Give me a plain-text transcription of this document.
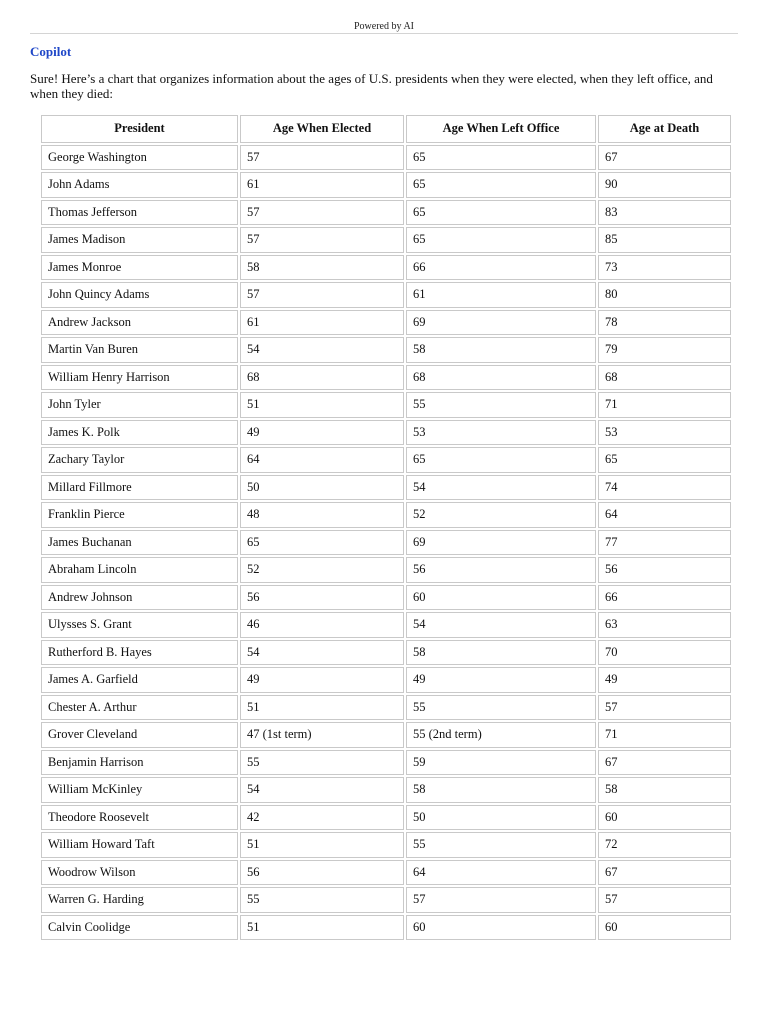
Powered by AI
Copilot
Sure! Here’s a chart that organizes information about the ages of U.S. presidents when they were elected, when they left office, and when they died:
President	Age When Elected	Age When Left Office	Age at Death
George Washington	57	65	67
John Adams	61	65	90
Thomas Jefferson	57	65	83
James Madison	57	65	85
James Monroe	58	66	73
John Quincy Adams	57	61	80
Andrew Jackson	61	69	78
Martin Van Buren	54	58	79
William Henry Harrison	68	68	68
John Tyler	51	55	71
James K. Polk	49	53	53
Zachary Taylor	64	65	65
Millard Fillmore	50	54	74
Franklin Pierce	48	52	64
James Buchanan	65	69	77
Abraham Lincoln	52	56	56
Andrew Johnson	56	60	66
Ulysses S. Grant	46	54	63
Rutherford B. Hayes	54	58	70
James A. Garfield	49	49	49
Chester A. Arthur	51	55	57
Grover Cleveland	47 (1st term)	55 (2nd term)	71
Benjamin Harrison	55	59	67
William McKinley	54	58	58
Theodore Roosevelt	42	50	60
William Howard Taft	51	55	72
Woodrow Wilson	56	64	67
Warren G. Harding	55	57	57
Calvin Coolidge	51	60	60
